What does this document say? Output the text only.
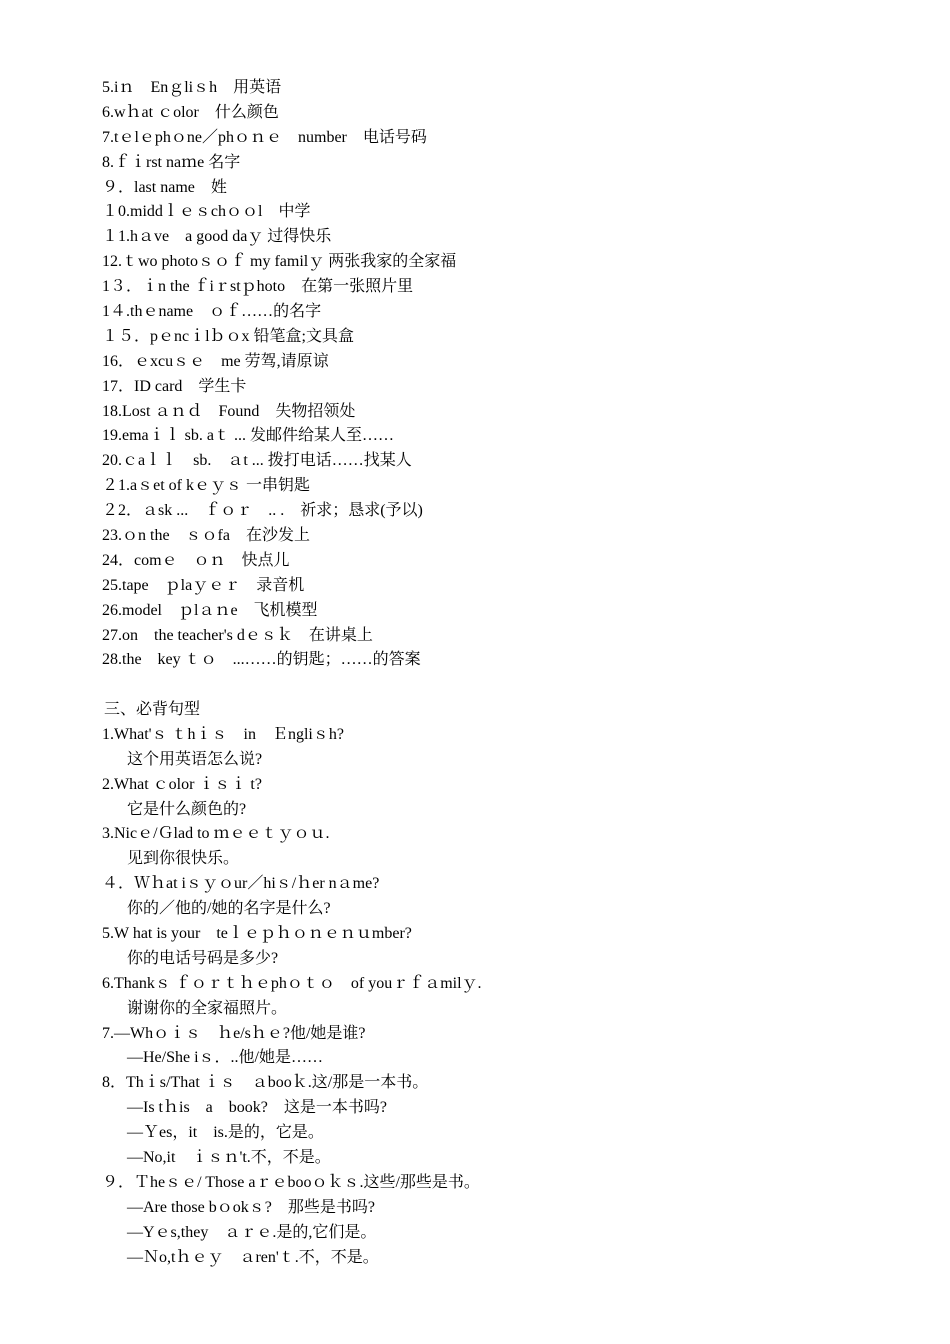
5.iｎ　Enｇliｓh　用英语
6.wｈat ｃolor　什么颜色
7.tｅlｅphｏne／phｏｎｅ　number　电话号码
8.ｆｉrst naｍe 名字
９．last name　姓
１0.middｌｅｓchｏｏl　中学
１1.hａve　a good daｙ 过得快乐
12.ｔwo photoｓｏｆ my familｙ 两张我家的全家福
1３．ｉn the ｆiｒstｐhoto　在第一张照片里
1４.thｅname　ｏｆ……的名字
１５．pｅncｉlｂｏx 铅笔盒;文具盒
16．ｅxcuｓｅ　me 劳驾,请原谅
17．ID card　学生卡
18.Lost ａｎｄ　Found　失物招领处
19.emaｉｌ sb. aｔ ... 发邮件给某人至……
20.ｃaｌｌ　sb.　ａt ... 拨打电话……找某人
２1.aｓet of kｅｙｓ 一串钥匙
２2．ａsk ...　ｆｏｒ　.. .　祈求；恳求(予以)
23.ｏn the　ｓｏfa　在沙发上
24．comｅ　ｏｎ　快点儿
25.tape　ｐlaｙｅｒ　录音机
26.model　ｐlａｎe　飞机模型
27.on　the teacher's dｅｓｋ　在讲桌上
28.the　key ｔｏ　...……的钥匙；……的答案
三、必背句型
1.What'ｓ ｔhｉｓ　in　Ｅngliｓh?
这个用英语怎么说?
2.What ｃolor ｉｓｉ t?
它是什么颜色的?
3.Nicｅ/Ｇlad to ｍｅｅｔｙｏｕ.
见到你很快乐。
４．Ｗｈat iｓｙｏur／hiｓ/ｈer nａme?
你的／他的/她的名字是什么?
5.W hat is your　teｌｅｐｈｏｎｅｎｕmber?
你的电话号码是多少?
6.Thankｓ ｆｏｒｔｈｅphｏｔｏ　of youｒｆａmilｙ.
谢谢你的全家福照片。
7.—Whｏｉｓ　ｈe/sｈｅ?他/她是谁?
—He/She iｓ．..他/她是……
8．Thｉs/That ｉｓ　ａbooｋ.这/那是一本书。
—Is tｈis　a　book?　这是一本书吗?
—Ｙes，it　is.是的，它是。
—No,it　ｉｓｎ't.不，不是。
９．Ｔheｓｅ/ Those aｒｅbooｏｋｓ.这些/那些是书。
—Are those bｏokｓ?　那些是书吗?
—Yｅs,they　ａｒｅ.是的,它们是。
—Ｎo,tｈｅｙ　ａren'ｔ.不，不是。
